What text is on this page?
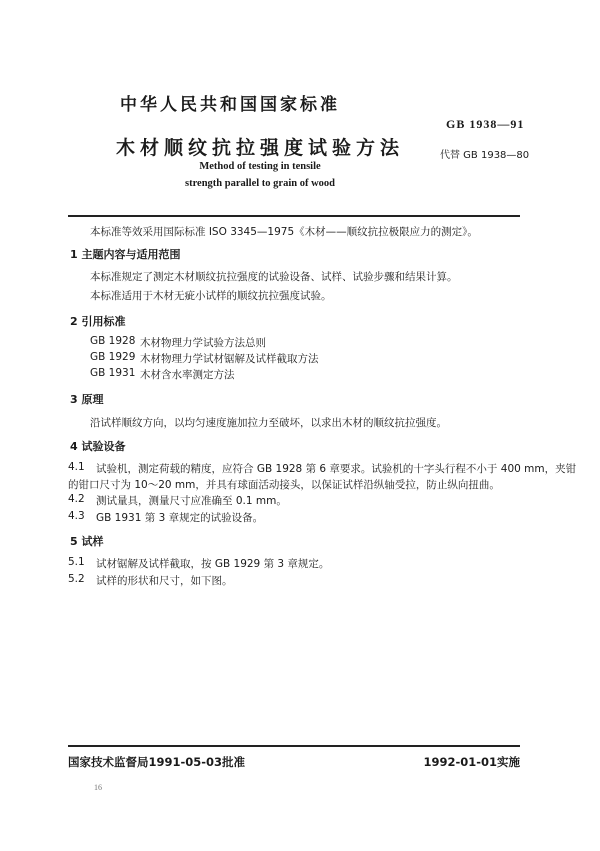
中华人民共和国国家标准
GB 1938—91
木材顺纹抗拉强度试验方法	代替 GB 1938—80
Method of testing in tensile
strength parallel to grain of wood
本标准等效采用国际标准 ISO 3345—1975《木材——顺纹抗拉极限应力的测定》。
1 主题内容与适用范围
本标准规定了测定木材顺纹抗拉强度的试验设备、试样、试验步骤和结果计算。
本标准适用于木材无疵小试样的顺纹抗拉强度试验。
2 引用标准
GB 1928 木材物理力学试验方法总则
GB 1929 木材物理力学试材锯解及试样截取方法
GB 1931 木材含水率测定方法
3 原理
沿试样顺纹方向，以均匀速度施加拉力至破坏，以求出木材的顺纹抗拉强度。
4 试验设备
4.1 试验机，测定荷载的精度，应符合 GB 1928 第 6 章要求。试验机的十字头行程不小于 400 mm，夹钳
的钳口尺寸为 10～20 mm，并具有球面活动接头，以保证试样沿纵轴受拉，防止纵向扭曲。
4.2 测试量具，测量尺寸应准确至 0.1 mm。
4.3 GB 1931 第 3 章规定的试验设备。
5 试样
5.1 试材锯解及试样截取，按 GB 1929 第 3 章规定。
5.2 试样的形状和尺寸，如下图。
国家技术监督局1991-05-03批准	1992-01-01实施
16
